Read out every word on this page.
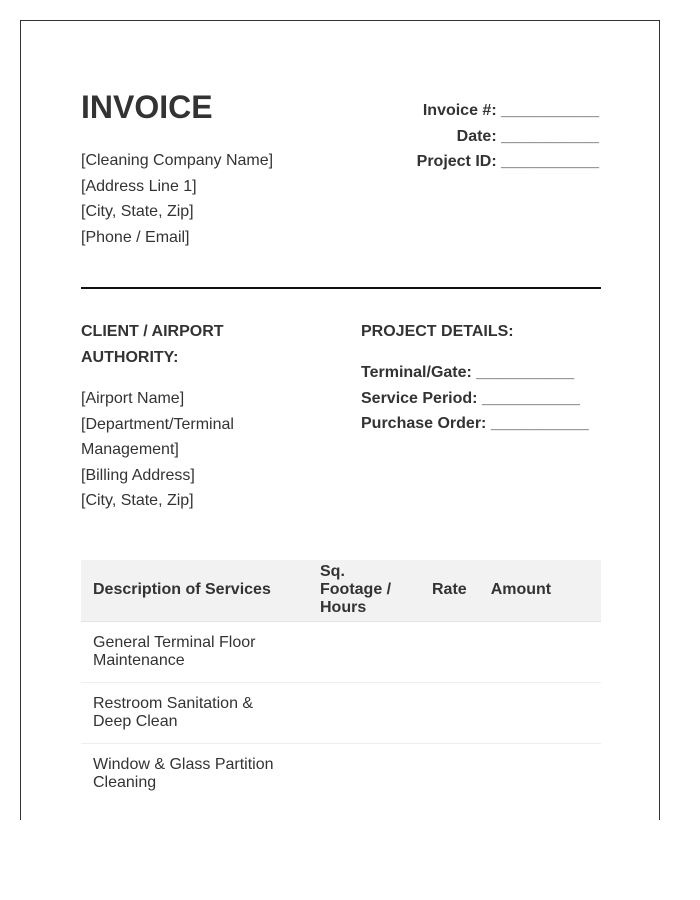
INVOICE
[Cleaning Company Name]
[Address Line 1]
[City, State, Zip]
[Phone / Email]
Invoice #: ___________
Date: ___________
Project ID: ___________
CLIENT / AIRPORT AUTHORITY:
[Airport Name]
[Department/Terminal Management]
[Billing Address]
[City, State, Zip]
PROJECT DETAILS:
Terminal/Gate: ___________
Service Period: ___________
Purchase Order: ___________
Description of Services	Sq. Footage / Hours	Rate	Amount
General Terminal Floor Maintenance			
Restroom Sanitation & Deep Clean			
Window & Glass Partition Cleaning			
